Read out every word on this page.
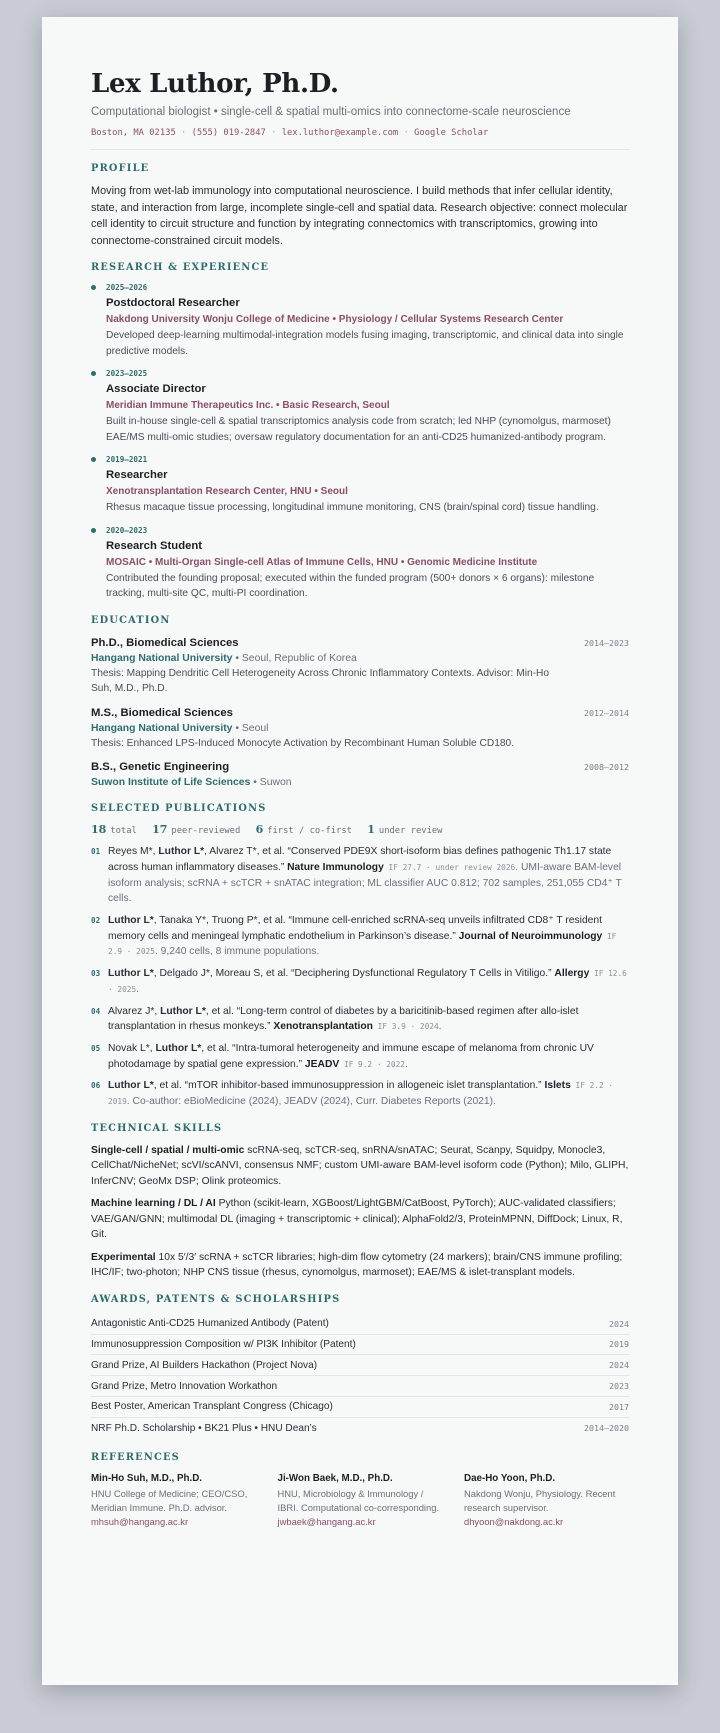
Lex Luthor, Ph.D.
Computational biologist • single-cell & spatial multi-omics into connectome-scale neuroscience
Boston, MA 02135 · (555) 019-2847 · lex.luthor@example.com · Google Scholar
PROFILE
Moving from wet-lab immunology into computational neuroscience. I build methods that infer cellular identity, state, and interaction from large, incomplete single-cell and spatial data. Research objective: connect molecular cell identity to circuit structure and function by integrating connectomics with transcriptomics, growing into connectome-constrained circuit models.
RESEARCH & EXPERIENCE
2025–2026
Postdoctoral Researcher
Nakdong University Wonju College of Medicine • Physiology / Cellular Systems Research Center
Developed deep-learning multimodal-integration models fusing imaging, transcriptomic, and clinical data into single predictive models.
2023–2025
Associate Director
Meridian Immune Therapeutics Inc. • Basic Research, Seoul
Built in-house single-cell & spatial transcriptomics analysis code from scratch; led NHP (cynomolgus, marmoset) EAE/MS multi-omic studies; oversaw regulatory documentation for an anti-CD25 humanized-antibody program.
2019–2021
Researcher
Xenotransplantation Research Center, HNU • Seoul
Rhesus macaque tissue processing, longitudinal immune monitoring, CNS (brain/spinal cord) tissue handling.
2020–2023
Research Student
MOSAIC • Multi-Organ Single-cell Atlas of Immune Cells, HNU • Genomic Medicine Institute
Contributed the founding proposal; executed within the funded program (500+ donors × 6 organs): milestone tracking, multi-site QC, multi-PI coordination.
EDUCATION
Ph.D., Biomedical Sciences	2014–2023
Hangang National University • Seoul, Republic of Korea
Thesis: Mapping Dendritic Cell Heterogeneity Across Chronic Inflammatory Contexts. Advisor: Min-Ho Suh, M.D., Ph.D.
M.S., Biomedical Sciences	2012–2014
Hangang National University • Seoul
Thesis: Enhanced LPS-Induced Monocyte Activation by Recombinant Human Soluble CD180.
B.S., Genetic Engineering	2008–2012
Suwon Institute of Life Sciences • Suwon
SELECTED PUBLICATIONS
18 total 17 peer-reviewed 6 first / co-first 1 under review
01 Reyes M*, Luthor L*, Alvarez T*, et al. “Conserved PDE9X short-isoform bias defines pathogenic Th1.17 state across human inflammatory diseases.” Nature Immunology IF 27.7 · under review 2026. UMI-aware BAM-level isoform analysis; scRNA + scTCR + snATAC integration; ML classifier AUC 0.812; 702 samples, 251,055 CD4⁺ T cells.
02 Luthor L*, Tanaka Y*, Truong P*, et al. “Immune cell-enriched scRNA-seq unveils infiltrated CD8⁺ T resident memory cells and meningeal lymphatic endothelium in Parkinson’s disease.” Journal of Neuroimmunology IF 2.9 · 2025. 9,240 cells, 8 immune populations.
03 Luthor L*, Delgado J*, Moreau S, et al. “Deciphering Dysfunctional Regulatory T Cells in Vitiligo.” Allergy IF 12.6 · 2025.
04 Alvarez J*, Luthor L*, et al. “Long-term control of diabetes by a baricitinib-based regimen after allo-islet transplantation in rhesus monkeys.” Xenotransplantation IF 3.9 · 2024.
05 Novak L*, Luthor L*, et al. “Intra-tumoral heterogeneity and immune escape of melanoma from chronic UV photodamage by spatial gene expression.” JEADV IF 9.2 · 2022.
06 Luthor L*, et al. “mTOR inhibitor-based immunosuppression in allogeneic islet transplantation.” Islets IF 2.2 · 2019. Co-author: eBioMedicine (2024), JEADV (2024), Curr. Diabetes Reports (2021).
TECHNICAL SKILLS
Single-cell / spatial / multi-omic scRNA-seq, scTCR-seq, snRNA/snATAC; Seurat, Scanpy, Squidpy, Monocle3, CellChat/NicheNet; scVI/scANVI, consensus NMF; custom UMI-aware BAM-level isoform code (Python); Milo, GLIPH, InferCNV; GeoMx DSP; Olink proteomics.
Machine learning / DL / AI Python (scikit-learn, XGBoost/LightGBM/CatBoost, PyTorch); AUC-validated classifiers; VAE/GAN/GNN; multimodal DL (imaging + transcriptomic + clinical); AlphaFold2/3, ProteinMPNN, DiffDock; Linux, R, Git.
Experimental 10x 5′/3′ scRNA + scTCR libraries; high-dim flow cytometry (24 markers); brain/CNS immune profiling; IHC/IF; two-photon; NHP CNS tissue (rhesus, cynomolgus, marmoset); EAE/MS & islet-transplant models.
AWARDS, PATENTS & SCHOLARSHIPS
Antagonistic Anti-CD25 Humanized Antibody (Patent)	2024
Immunosuppression Composition w/ PI3K Inhibitor (Patent)	2019
Grand Prize, AI Builders Hackathon (Project Nova)	2024
Grand Prize, Metro Innovation Workathon	2023
Best Poster, American Transplant Congress (Chicago)	2017
NRF Ph.D. Scholarship • BK21 Plus • HNU Dean’s	2014–2020
REFERENCES
Min-Ho Suh, M.D., Ph.D.
HNU College of Medicine; CEO/CSO, Meridian Immune. Ph.D. advisor.
mhsuh@hangang.ac.kr
Ji-Won Baek, M.D., Ph.D.
HNU, Microbiology & Immunology / IBRI. Computational co-corresponding.
jwbaek@hangang.ac.kr
Dae-Ho Yoon, Ph.D.
Nakdong Wonju, Physiology. Recent research supervisor.
dhyoon@nakdong.ac.kr
